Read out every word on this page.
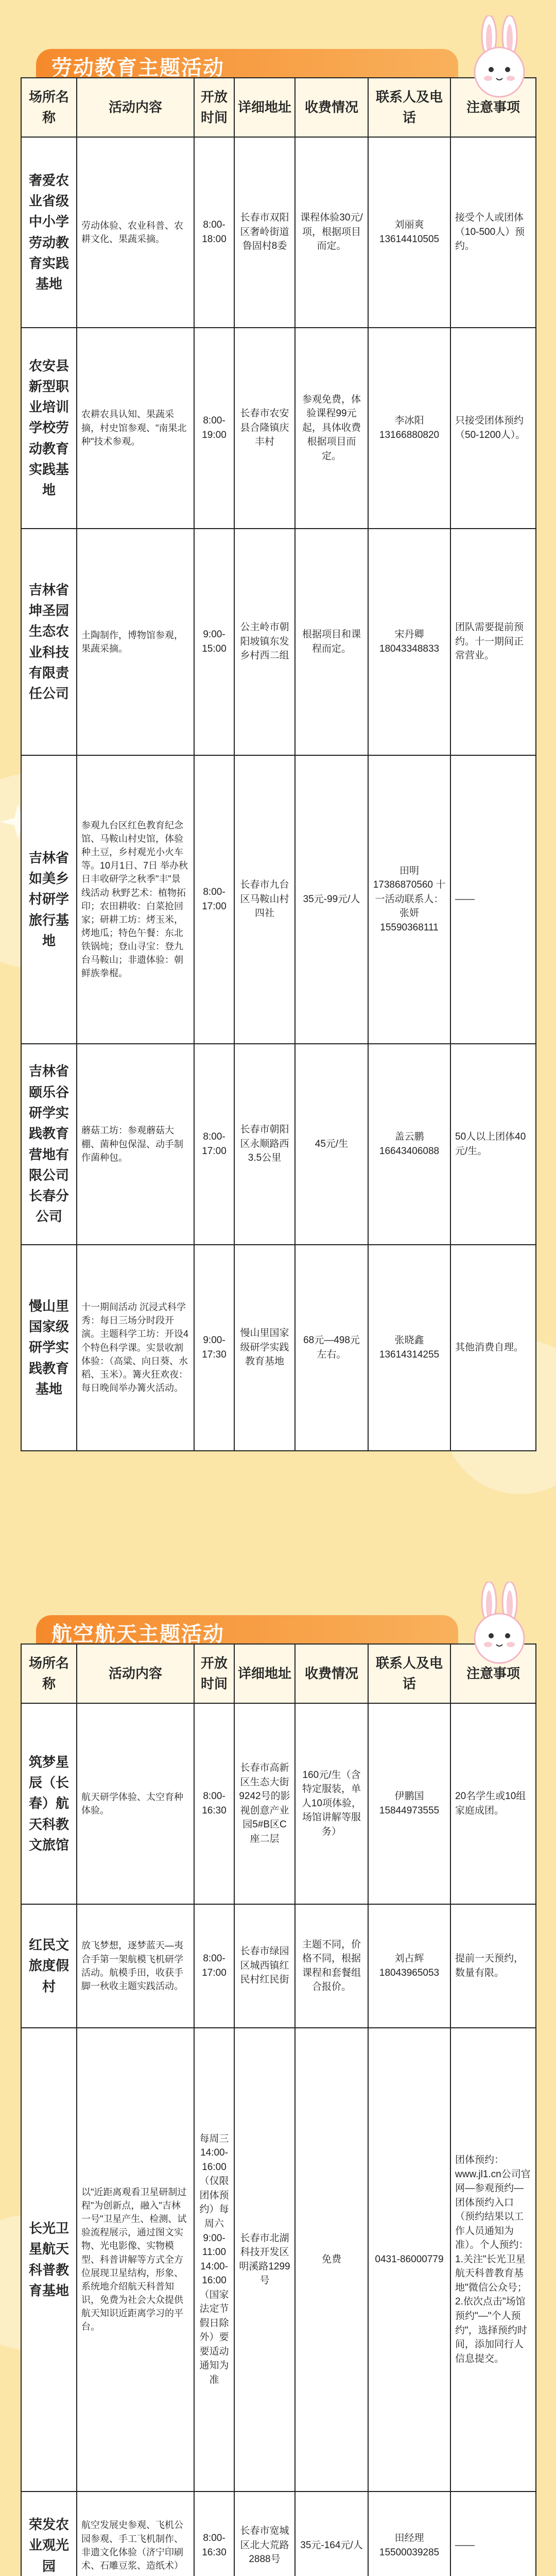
劳动教育主题活动
场所名称	活动内容	开放时间	详细地址	收费情况	联系人及电话	注意事项
奢爱农业省级中小学劳动教育实践基地	劳动体验、农业科普、农耕文化、果蔬采摘。	8:00-18:00	长春市双阳区奢岭街道鲁固村8委	课程体验30元/项，根据项目而定。	刘丽爽13614410505	接受个人或团体（10-500人）预约。
农安县新型职业培训学校劳动教育实践基地	农耕农具认知、果蔬采摘，村史馆参观、"南果北种"技术参观。	8:00-19:00	长春市农安县合隆镇庆丰村	参观免费，体验课程99元起，具体收费根据项目而定。	李冰阳13166880820	只接受团体预约（50-1200人）。
吉林省坤圣园生态农业科技有限责任公司	土陶制作，博物馆参观，果蔬采摘。	9:00-15:00	公主岭市朝阳坡镇东发乡村西二组	根据项目和课程而定。	宋丹卿18043348833	团队需要提前预约。十一期间正常营业。
吉林省如美乡村研学旅行基地	参观九台区红色教育纪念馆、马鞍山村史馆，体验种土豆，乡村观光小火车等。10月1日、7日 举办秋日丰收研学之秋季"丰"景线活动 秋野艺术：植物拓印；农田耕收：白菜抢回家；研耕工坊：烤玉米，烤地瓜；特色午餐：东北铁锅炖；登山寻宝：登九台马鞍山；非遗体验：朝鲜族拳棍。	8:00-17:00	长春市九台区马鞍山村四社	35元-99元/人	田明17386870560 十一活动联系人：张妍15590368111	——
吉林省颐乐谷研学实践教育营地有限公司长春分公司	蘑菇工坊：参观蘑菇大棚、菌种包保湿、动手制作菌种包。	8:00-17:00	长春市朝阳区永顺路西3.5公里	45元/生	盖云鹏16643406088	50人以上团体40元/生。
慢山里国家级研学实践教育基地	十一期间活动 沉浸式科学秀：每日三场分时段开演。主题科学工坊：开设4个特色科学课。实景收割体验：（高粱、向日葵、水稻、玉米）。篝火狂欢夜：每日晚间举办篝火活动。	9:00-17:30	慢山里国家级研学实践教育基地	68元—498元左右。	张晓鑫13614314255	其他消费自理。
航空航天主题活动
场所名称	活动内容	开放时间	详细地址	收费情况	联系人及电话	注意事项
筑梦星辰（长春）航天科教文旅馆	航天研学体验、太空育种体验。	8:00-16:30	长春市高新区生态大街9242号的影视创意产业园5#B区C座二层	160元/生（含特定服装，单人10项体验，场馆讲解等服务）	伊鹏国15844973555	20名学生或10组家庭成团。
红民文旅度假村	放飞梦想，逐梦蓝天—夷合手第一架航模飞机研学活动。航模手田，收获手脚一秋收主题实践活动。	8:00-17:00	长春市绿园区城西镇红民村红民街	主题不同，价格不同，根据课程和套餐组合报价。	刘占辉18043965053	提前一天预约，数量有限。
长光卫星航天科普教育基地	以"近距离观看卫星研制过程"为创新点，融入"吉林一号"卫星产生、检测、试验流程展示，通过图文实物、光电影像、实物模型、科普讲解等方式全方位展现卫星结构，形象、系统地介绍航天科普知识，免费为社会大众提供航天知识近距离学习的平台。	每周三14:00-16:00（仅限团体预约）每周六9:00-11:00 14:00-16:00（国家法定节假日除外）要要适动通知为准	长春市北湖科技开发区明溪路1299号	免费	0431-86000779	团体预约：www.jl1.cn公司官网—参观预约—团体预约入口（预约结果以工作人员通知为准）。个人预约：1.关注"长光卫星航天科普教育基地"微信公众号；2.依次点击"场馆预约"—"个人预约"，选择预约时间，添加同行人信息提交。
荣发农业观光园	航空发展史参观、飞机公园参观、手工飞机制作、非遗文化体验（济宁印刷术、石雕豆浆、造纸术）	8:00-16:30	长春市宽城区北大荒路2888号	35元-164元/人	田经理15500039285	——
